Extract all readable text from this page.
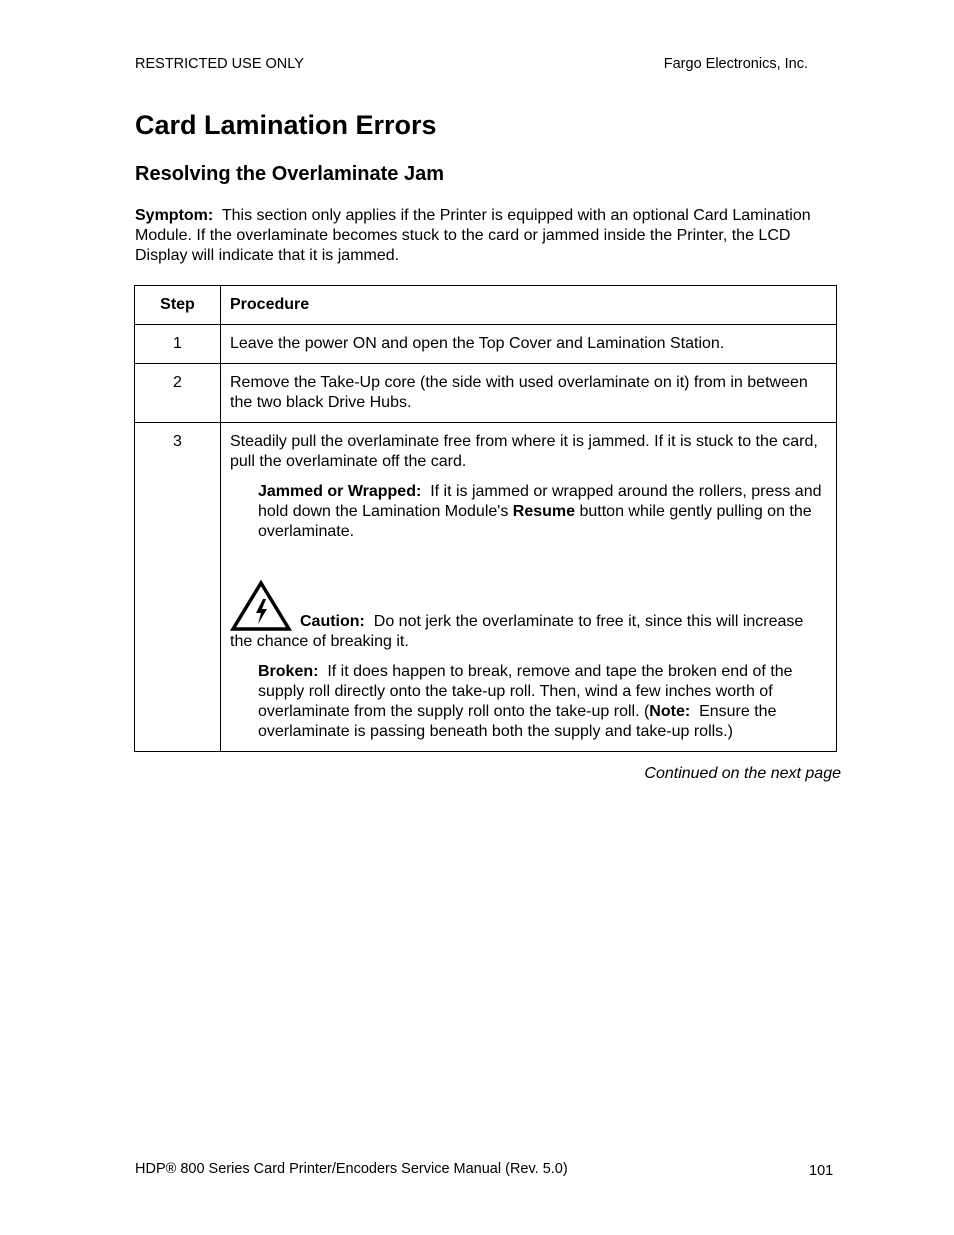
RESTRICTED USE ONLY	Fargo Electronics, Inc.
Card Lamination Errors
Resolving the Overlaminate Jam
Symptom: This section only applies if the Printer is equipped with an optional Card Lamination Module. If the overlaminate becomes stuck to the card or jammed inside the Printer, the LCD Display will indicate that it is jammed.
Step	Procedure
1	Leave the power ON and open the Top Cover and Lamination Station.
2	Remove the Take-Up core (the side with used overlaminate on it) from in between the two black Drive Hubs.
3	Steadily pull the overlaminate free from where it is jammed. If it is stuck to the card, pull the overlaminate off the card.
Jammed or Wrapped: If it is jammed or wrapped around the rollers, press and hold down the Lamination Module's Resume button while gently pulling on the overlaminate.
Caution: Do not jerk the overlaminate to free it, since this will increase the chance of breaking it.
Broken: If it does happen to break, remove and tape the broken end of the supply roll directly onto the take-up roll. Then, wind a few inches worth of overlaminate from the supply roll onto the take-up roll. (Note: Ensure the overlaminate is passing beneath both the supply and take-up rolls.)
Continued on the next page
HDP® 800 Series Card Printer/Encoders Service Manual (Rev. 5.0)	101
